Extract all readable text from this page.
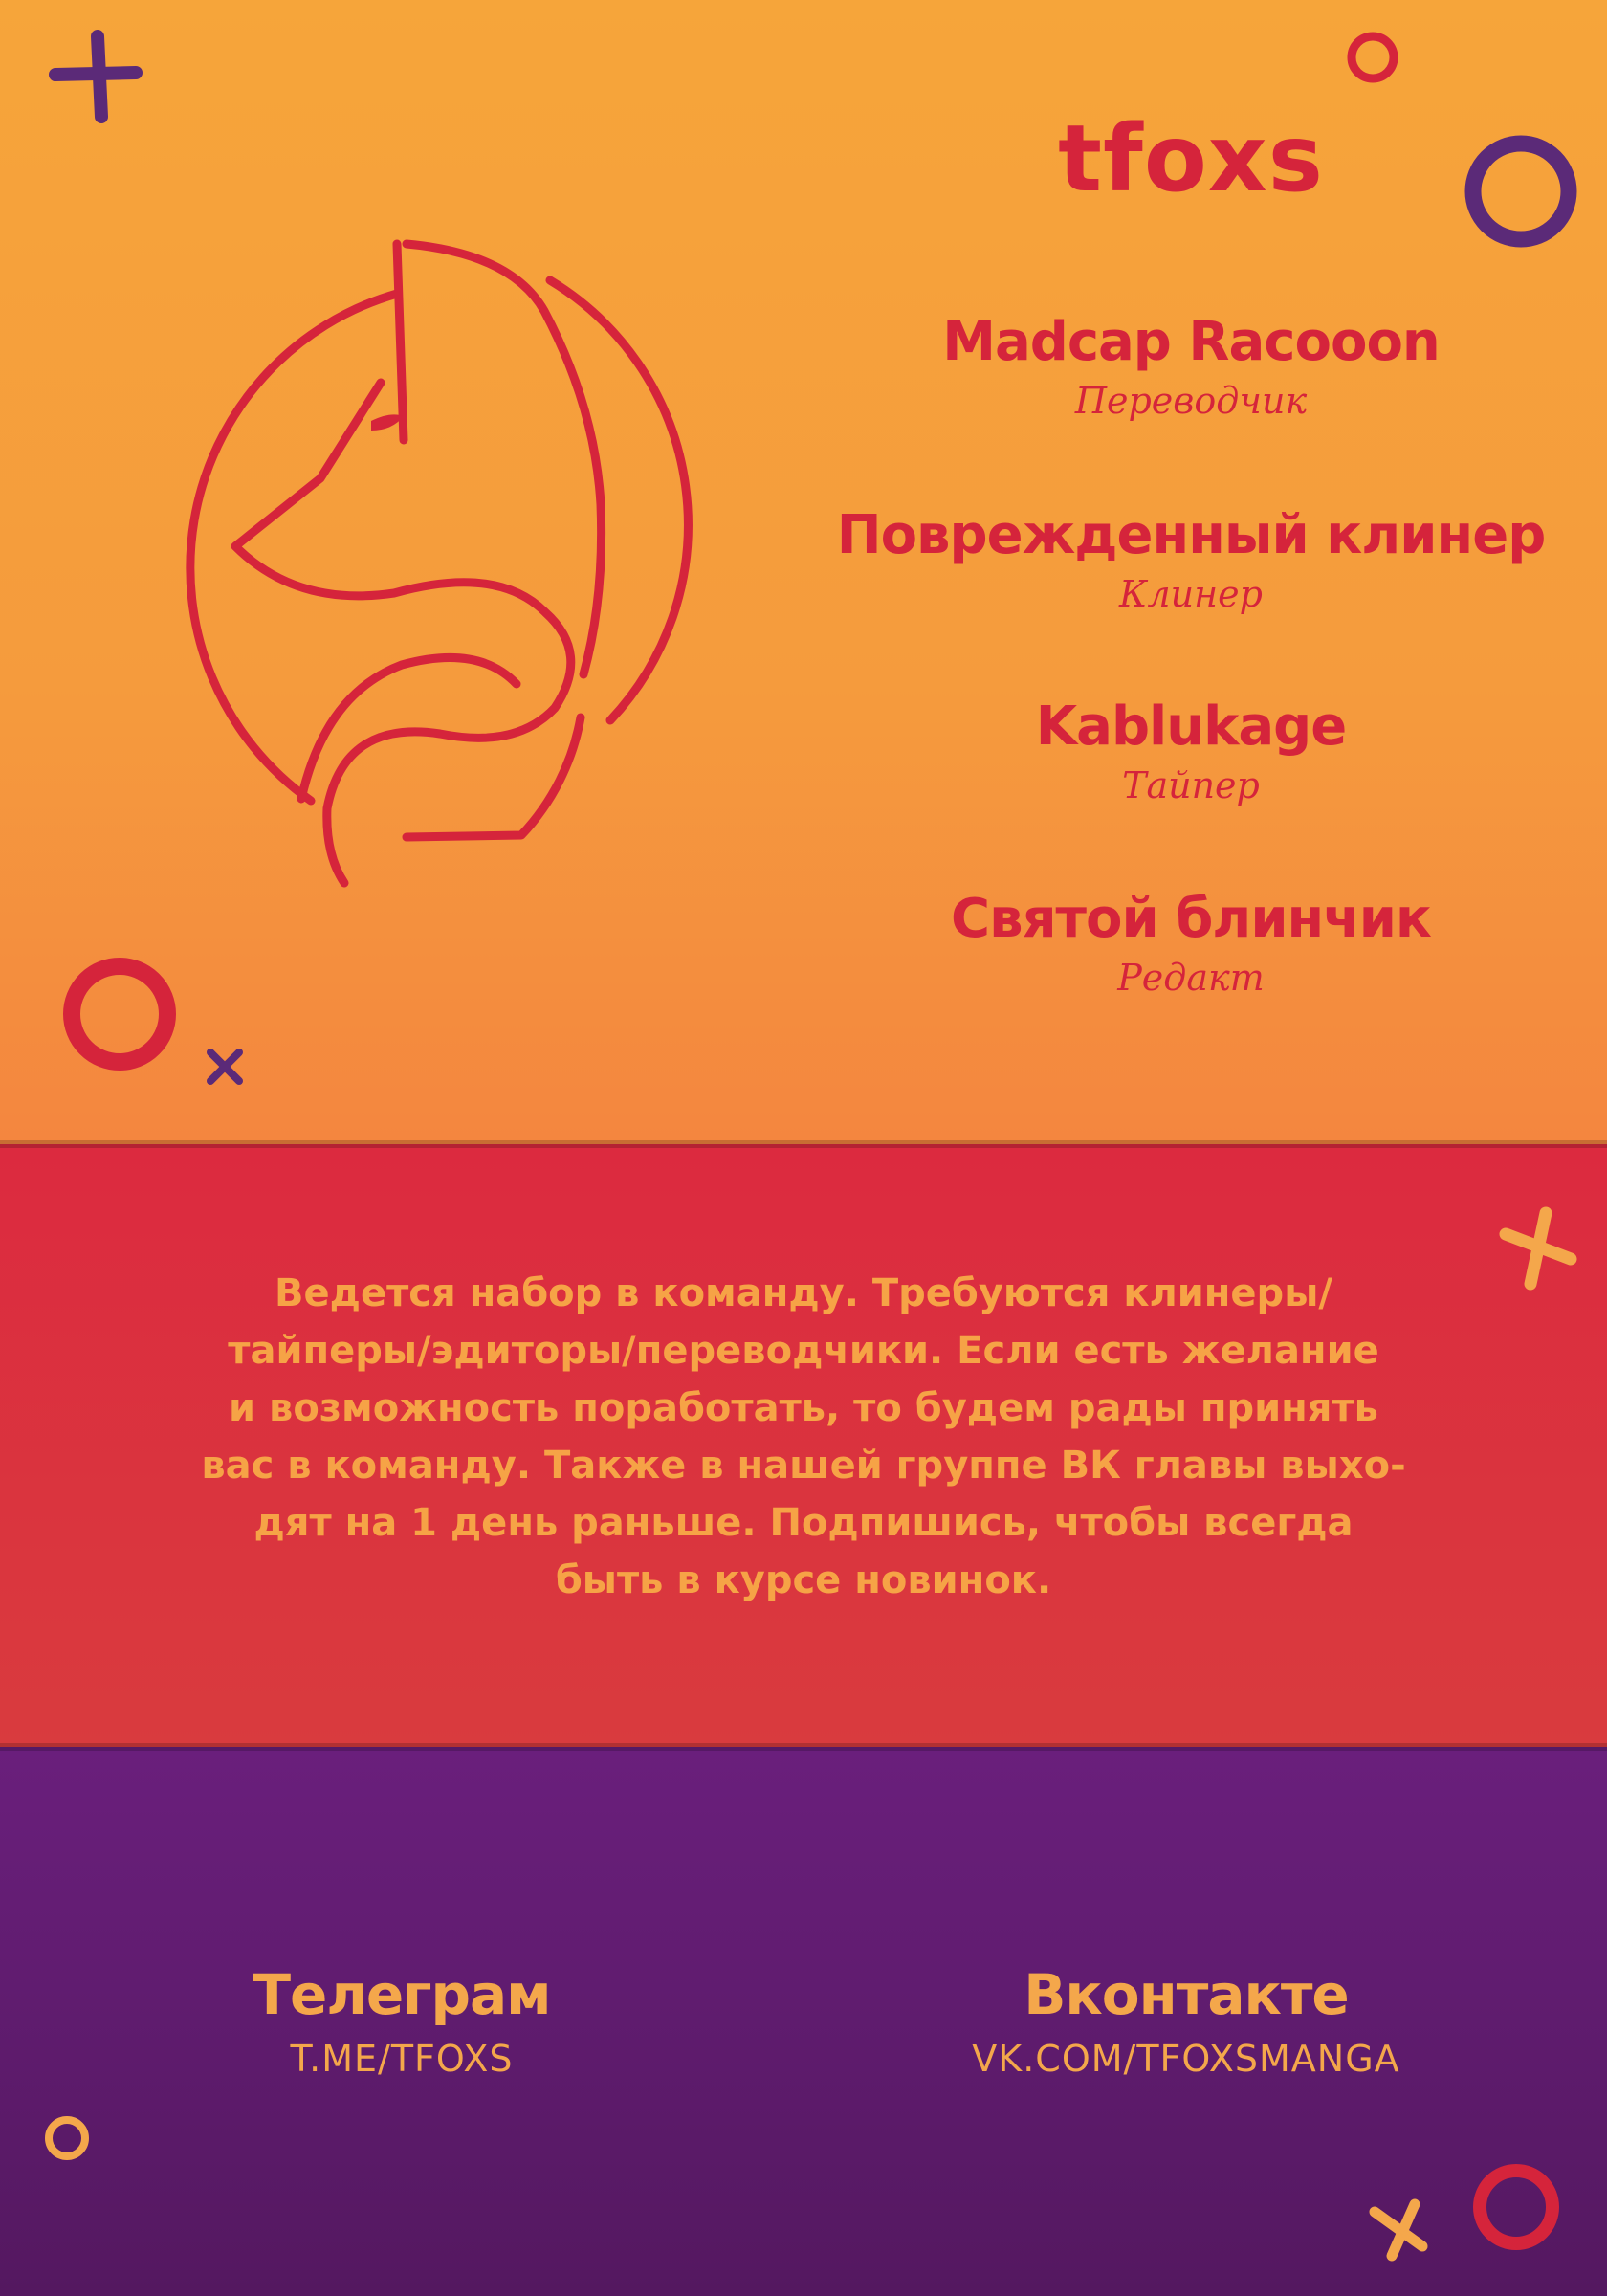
tfoxs
Madcap Racooon
Переводчик
Поврежденный клинер
Клинер
Kablukage
Тайпер
Святой блинчик
Редакт
Ведется набор в команду. Требуются клинеры/
тайперы/эдиторы/переводчики. Если есть желание
и возможность поработать, то будем рады принять
вас в команду. Также в нашей группе ВК главы выхо-
дят на 1 день раньше. Подпишись, чтобы всегда
быть в курсе новинок.
Телеграм
T.ME/TFOXS
Вконтакте
VK.COM/TFOXSMANGA
